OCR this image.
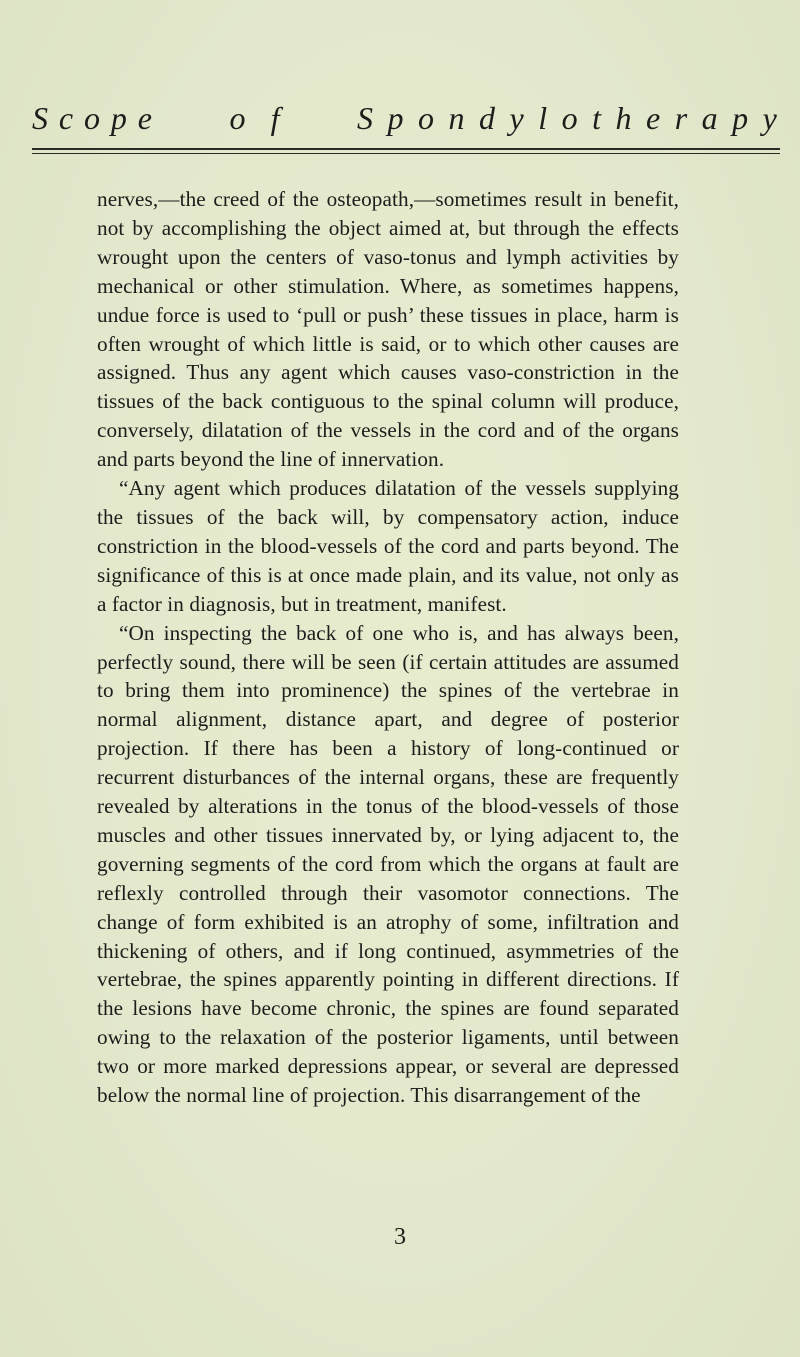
S c o p e o f S p o n d y l o t h e r a p y

nerves,—the creed of the osteopath,—sometimes result in benefit, not by accomplishing the object aimed at, but through the effects wrought upon the centers of vaso-tonus and lymph activities by mechanical or other stimulation. Where, as sometimes happens, undue force is used to ‘pull or push’ these tissues in place, harm is often wrought of which little is said, or to which other causes are assigned. Thus any agent which causes vaso-constriction in the tissues of the back contiguous to the spinal column will produce, conversely, dilatation of the vessels in the cord and of the organs and parts beyond the line of innervation.

“Any agent which produces dilatation of the vessels supplying the tissues of the back will, by compensatory action, induce constriction in the blood-vessels of the cord and parts beyond. The significance of this is at once made plain, and its value, not only as a factor in diagnosis, but in treatment, manifest.

“On inspecting the back of one who is, and has always been, perfectly sound, there will be seen (if certain attitudes are assumed to bring them into prominence) the spines of the vertebrae in normal alignment, distance apart, and degree of posterior projection. If there has been a history of long-continued or recurrent disturbances of the internal organs, these are frequently revealed by alterations in the tonus of the blood-vessels of those muscles and other tissues innervated by, or lying adjacent to, the governing segments of the cord from which the organs at fault are reflexly controlled through their vasomotor connections. The change of form exhibited is an atrophy of some, infiltration and thickening of others, and if long continued, asymmetries of the vertebrae, the spines apparently pointing in different directions. If the lesions have become chronic, the spines are found separated owing to the relaxation of the posterior ligaments, until between two or more marked depressions appear, or several are depressed below the normal line of projection. This disarrangement of the

3
